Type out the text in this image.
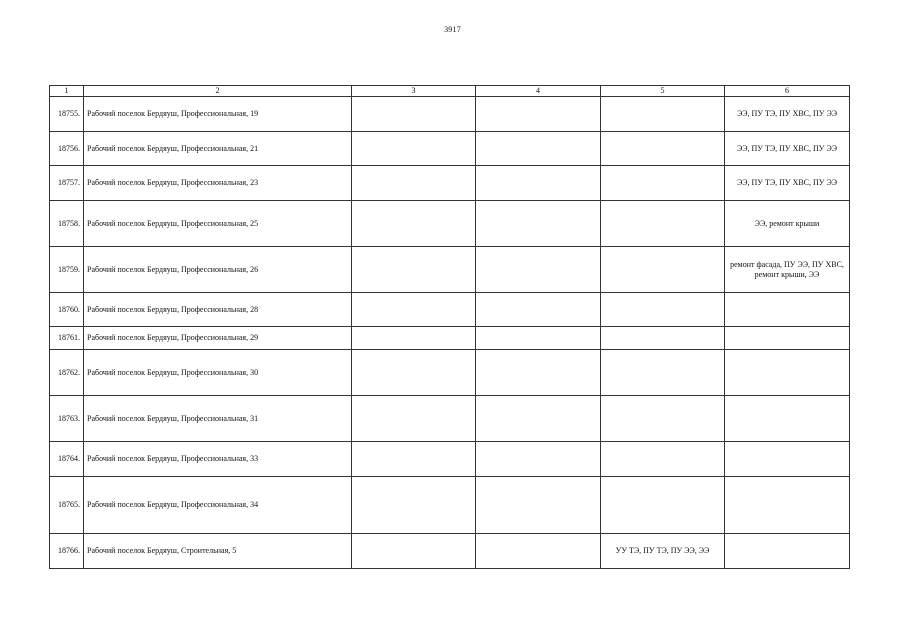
3917
1	2	3	4	5	6
18755.	Рабочий поселок Бердяуш, Профессиональная, 19				ЭЭ, ПУ ТЭ, ПУ ХВС, ПУ ЭЭ
18756.	Рабочий поселок Бердяуш, Профессиональная, 21				ЭЭ, ПУ ТЭ, ПУ ХВС, ПУ ЭЭ
18757.	Рабочий поселок Бердяуш, Профессиональная, 23				ЭЭ, ПУ ТЭ, ПУ ХВС, ПУ ЭЭ
18758.	Рабочий поселок Бердяуш, Профессиональная, 25				ЭЭ, ремонт крыши
18759.	Рабочий поселок Бердяуш, Профессиональная, 26				ремонт фасада, ПУ ЭЭ, ПУ ХВС, ремонт крыши, ЭЭ
18760.	Рабочий поселок Бердяуш, Профессиональная, 28				
18761.	Рабочий поселок Бердяуш, Профессиональная, 29				
18762.	Рабочий поселок Бердяуш, Профессиональная, 30				
18763.	Рабочий поселок Бердяуш, Профессиональная, 31				
18764.	Рабочий поселок Бердяуш, Профессиональная, 33				
18765.	Рабочий поселок Бердяуш, Профессиональная, 34				
18766.	Рабочий поселок Бердяуш, Строительная, 5			УУ ТЭ, ПУ ТЭ, ПУ ЭЭ, ЭЭ	
